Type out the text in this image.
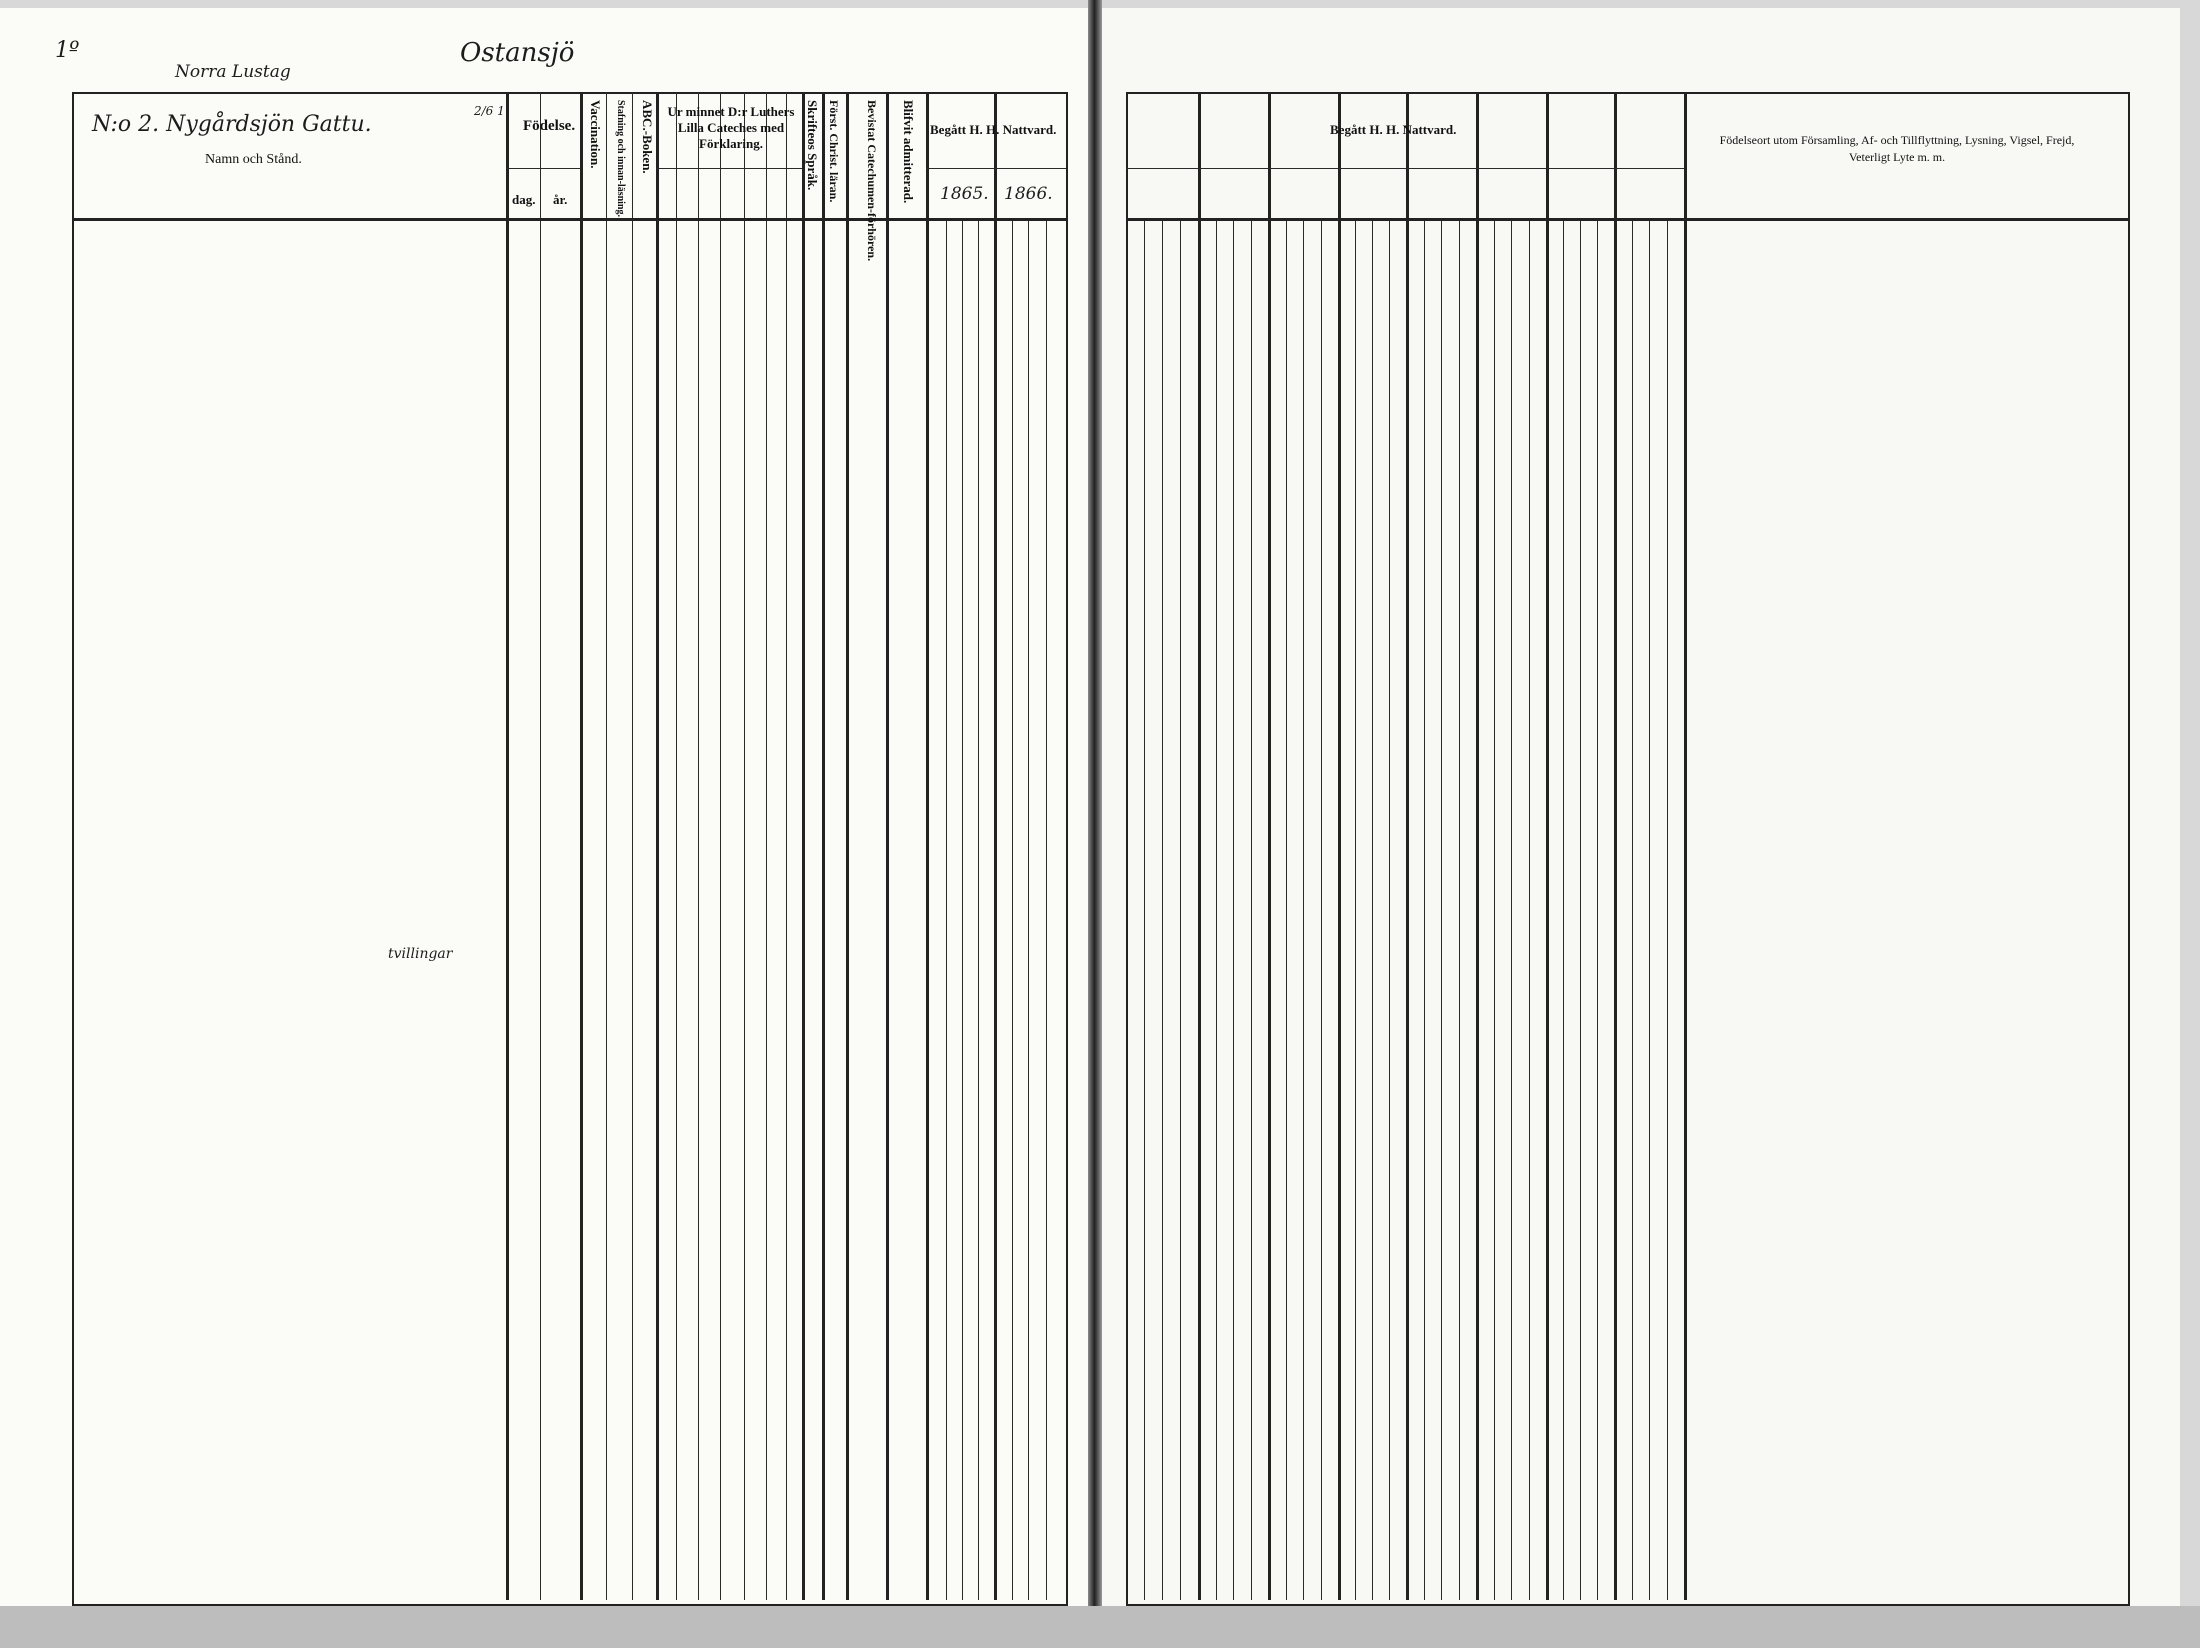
1º
Norra Lustag
Ostansjö
N:o 2. Nygårdsjön Gattu.
2/6 1
Namn och Stånd.
Födelse.
dag. år.
Vaccination. Stafning och innan-läsning. ABC.-Boken. Ur minnet D:r Luthers Lilla Cateches med Förklaring.	Skrifteos Språk. Först. Christ. läran. Bevistat Catechumen-förhören. Blifvit admitterad. Begått H. H. Nattvard.
1865. 1866.
tvillingar
Begått H. H. Nattvard.
Födelseort utom Församling, Af- och Tillflyttning, Lysning, Vigsel, Frejd, Veterligt Lyte m. m.
